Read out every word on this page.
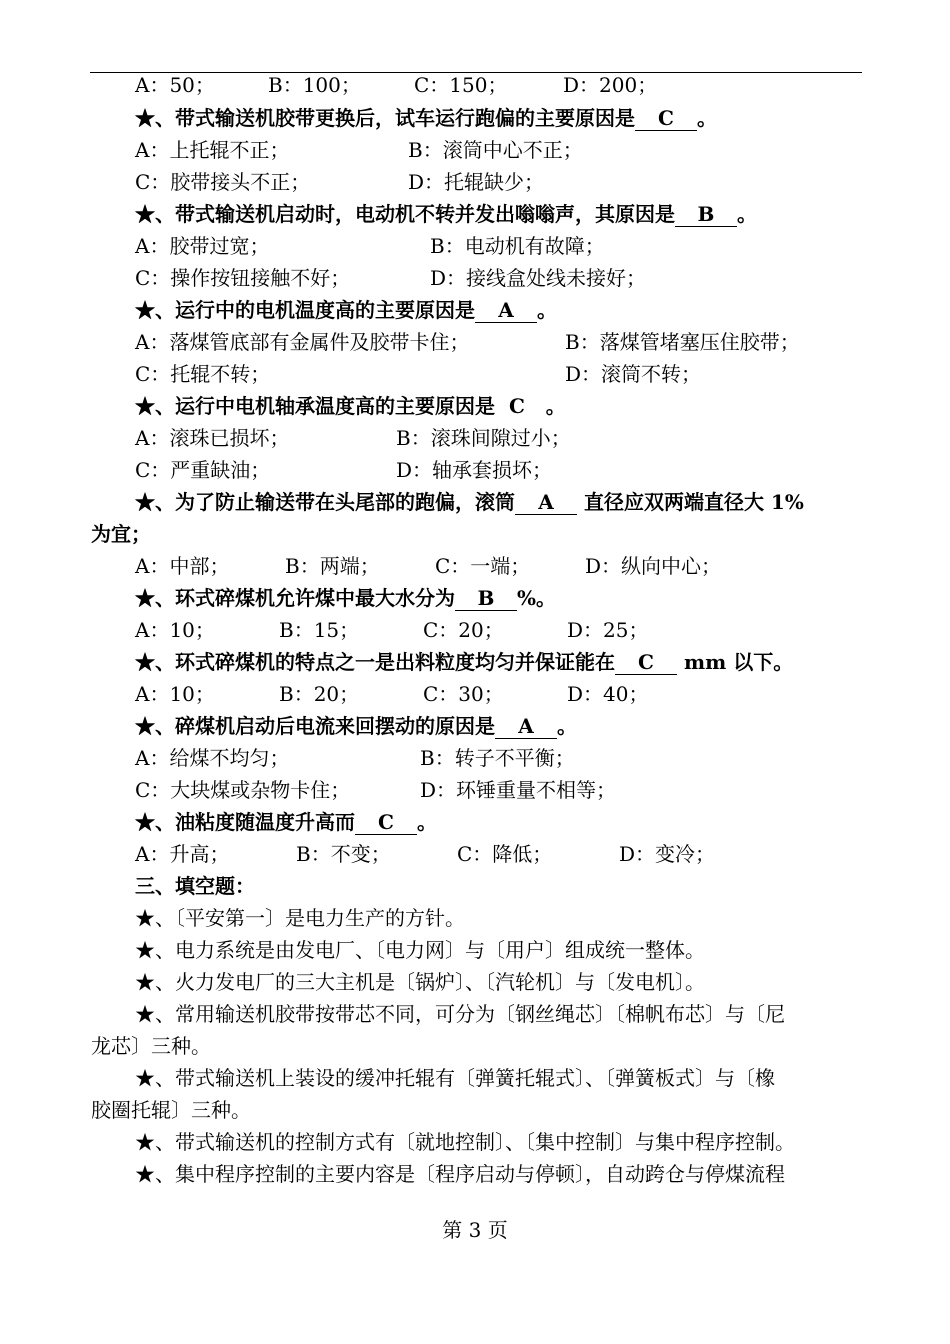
A：50；	B：100；	C：150；	D：200；
★、带式输送机胶带更换后，试车运行跑偏的主要原因是 C 。
A：上托辊不正；	B：滚筒中心不正；
C：胶带接头不正；	D：托辊缺少；
★、带式输送机启动时，电动机不转并发出嗡嗡声，其原因是 B 。
A：胶带过宽；	B：电动机有故障；
C：操作按钮接触不好；	D：接线盒处线未接好；
★、运行中的电机温度高的主要原因是 A 。
A：落煤管底部有金属件及胶带卡住；	B：落煤管堵塞压住胶带；
C：托辊不转；	D：滚筒不转；
★、运行中电机轴承温度高的主要原因是 C 。
A：滚珠已损坏；	B：滚珠间隙过小；
C：严重缺油；	D：轴承套损坏；
★、为了防止输送带在头尾部的跑偏，滚筒 A 直径应双两端直径大 1%
为宜；
A：中部；	B：两端；	C：一端；	D：纵向中心；
★、环式碎煤机允许煤中最大水分为 B %。
A：10；	B：15；	C：20；	D：25；
★、环式碎煤机的特点之一是出料粒度均匀并保证能在 C mm 以下。
A：10；	B：20；	C：30；	D：40；
★、碎煤机启动后电流来回摆动的原因是 A 。
A：给煤不均匀；	B：转子不平衡；
C：大块煤或杂物卡住；	D：环锤重量不相等；
★、油粘度随温度升高而 C 。
A：升高；	B：不变；	C：降低；	D：变冷；
三、填空题：
★、〔平安第一〕是电力生产的方针。
★、电力系统是由发电厂、〔电力网〕与〔用户〕组成统一整体。
★、火力发电厂的三大主机是〔锅炉〕、〔汽轮机〕与〔发电机〕。
★、常用输送机胶带按带芯不同，可分为〔钢丝绳芯〕〔棉帆布芯〕与〔尼
龙芯〕三种。
★、带式输送机上装设的缓冲托辊有〔弹簧托辊式〕、〔弹簧板式〕与〔橡
胶圈托辊〕三种。
★、带式输送机的控制方式有〔就地控制〕、〔集中控制〕与集中程序控制。
★、集中程序控制的主要内容是〔程序启动与停顿〕，自动跨仓与停煤流程
第 3 页
